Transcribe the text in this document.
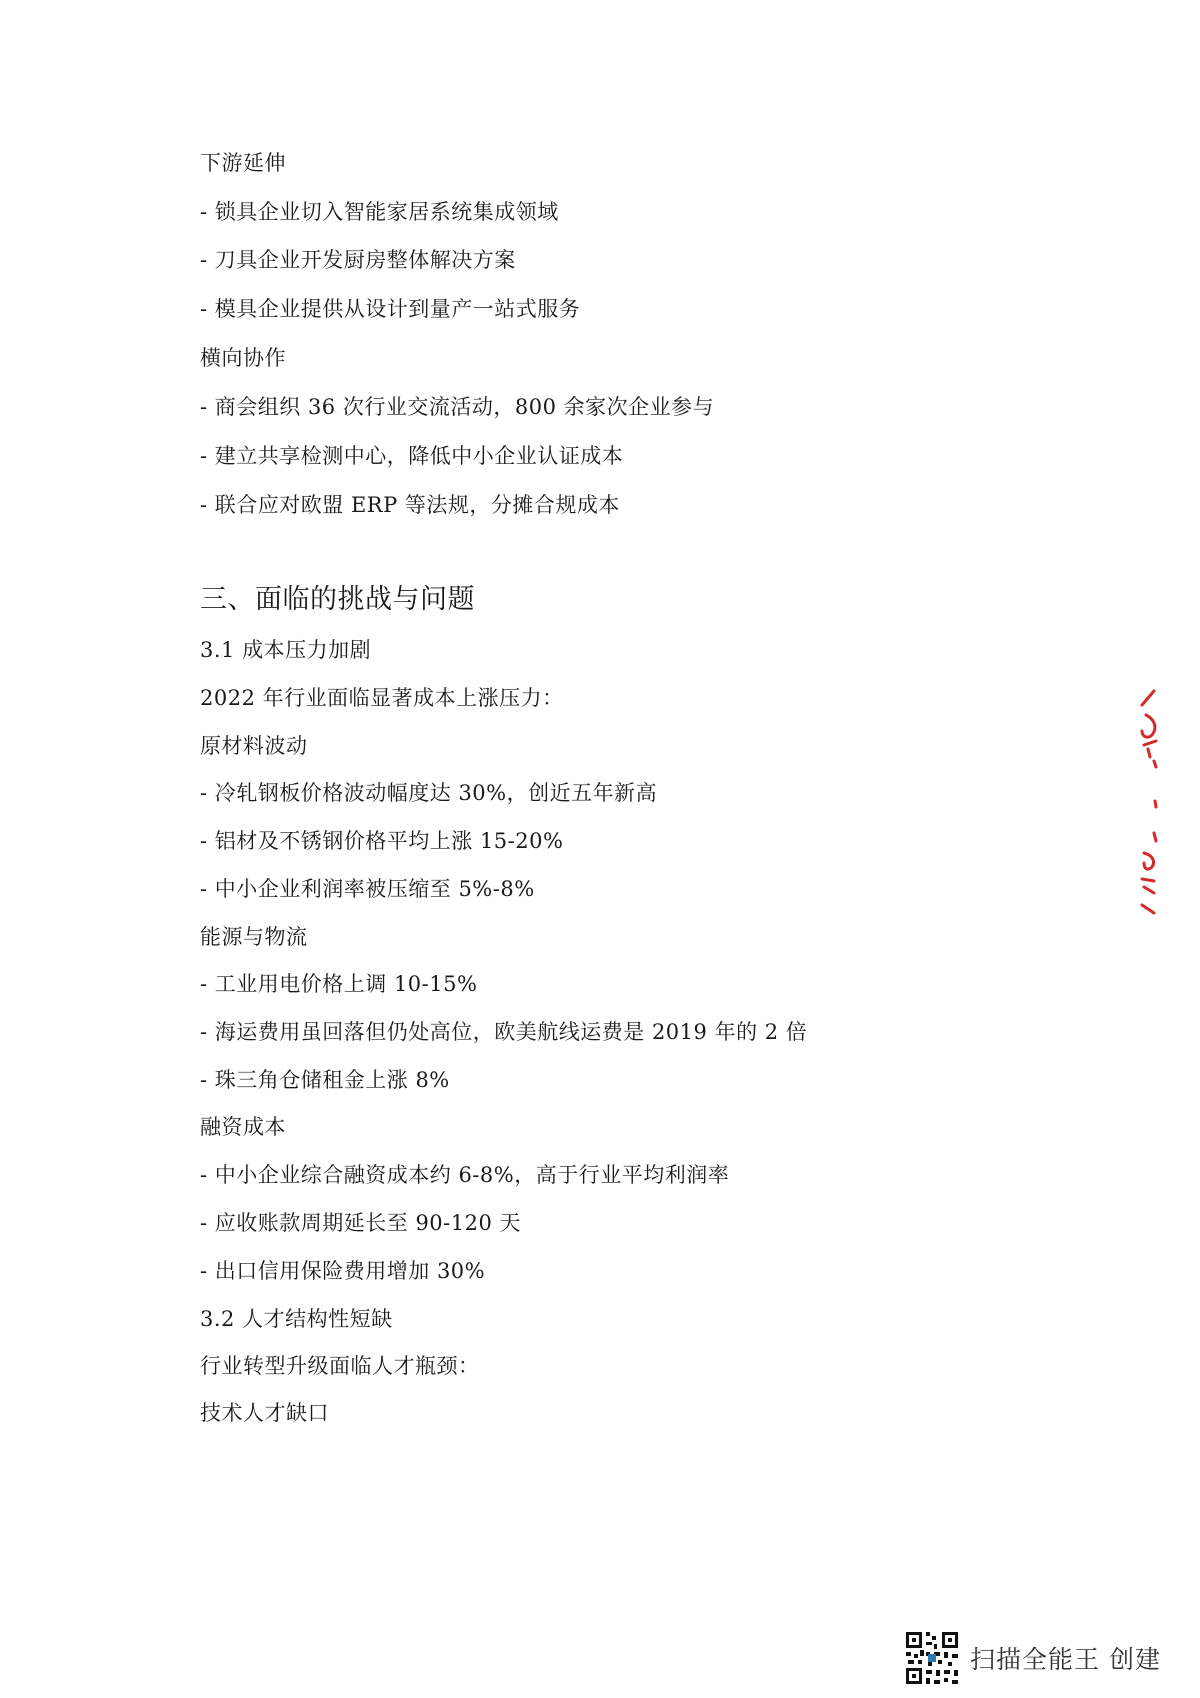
下游延伸
- 锁具企业切入智能家居系统集成领域
- 刀具企业开发厨房整体解决方案
- 模具企业提供从设计到量产一站式服务
横向协作
- 商会组织 36 次行业交流活动，800 余家次企业参与
- 建立共享检测中心，降低中小企业认证成本
- 联合应对欧盟 ERP 等法规，分摊合规成本
三、面临的挑战与问题
3.1 成本压力加剧
2022 年行业面临显著成本上涨压力：
原材料波动
- 冷轧钢板价格波动幅度达 30%，创近五年新高
- 铝材及不锈钢价格平均上涨 15-20%
- 中小企业利润率被压缩至 5%-8%
能源与物流
- 工业用电价格上调 10-15%
- 海运费用虽回落但仍处高位，欧美航线运费是 2019 年的 2 倍
- 珠三角仓储租金上涨 8%
融资成本
- 中小企业综合融资成本约 6-8%，高于行业平均利润率
- 应收账款周期延长至 90-120 天
- 出口信用保险费用增加 30%
3.2 人才结构性短缺
行业转型升级面临人才瓶颈：
技术人才缺口
扫描全能王 创建
